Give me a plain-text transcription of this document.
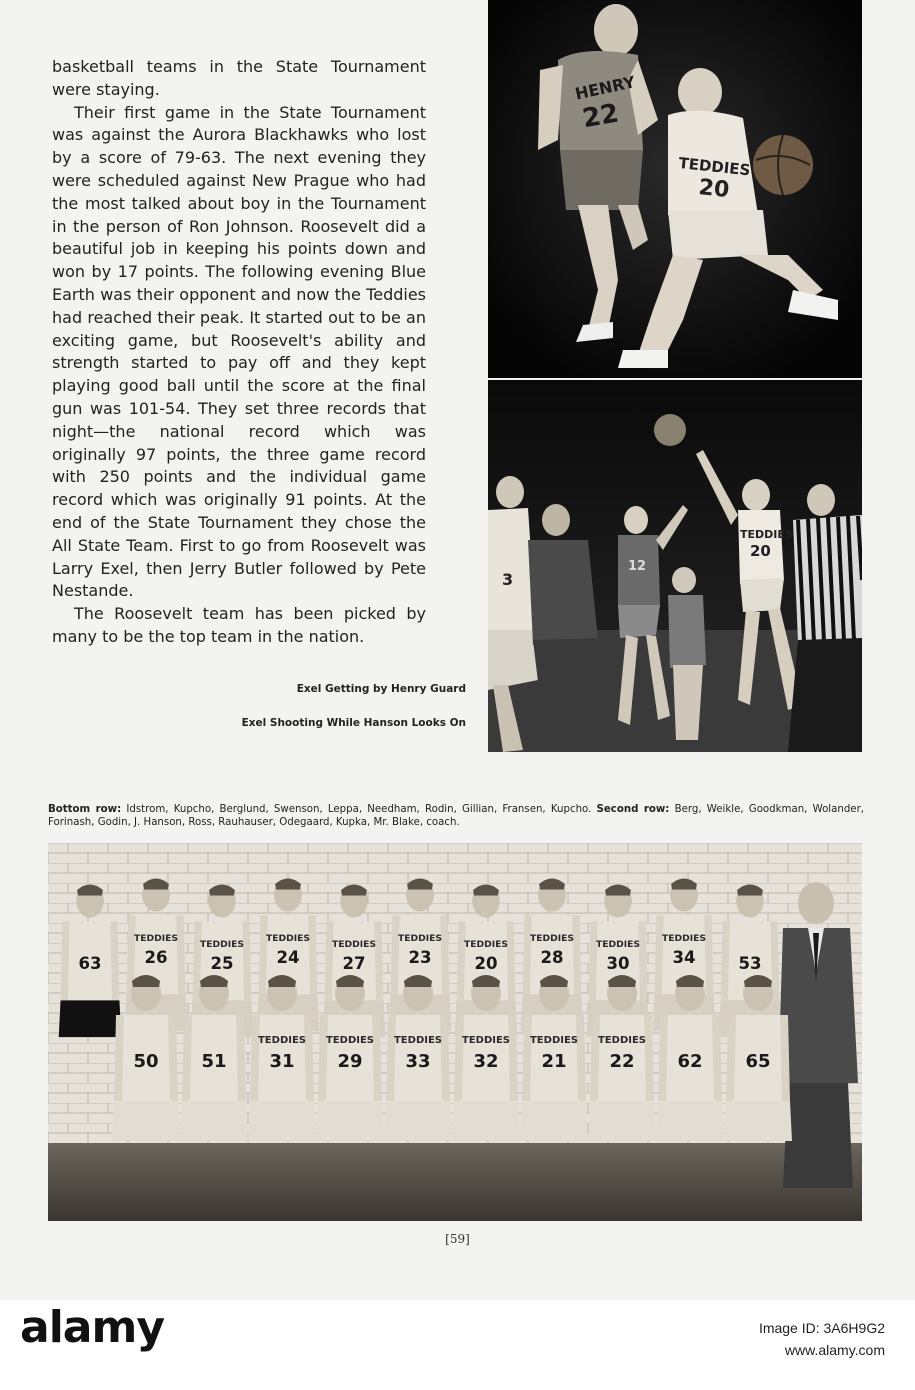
basketball teams in the State Tournament were staying.

Their first game in the State Tournament was against the Aurora Blackhawks who lost by a score of 79-63. The next evening they were scheduled against New Prague who had the most talked about boy in the Tournament in the person of Ron Johnson. Roosevelt did a beautiful job in keeping his points down and won by 17 points. The following evening Blue Earth was their opponent and now the Teddies had reached their peak. It started out to be an exciting game, but Roosevelt's ability and strength started to pay off and they kept playing good ball until the score at the final gun was 101-54. They set three records that night—the national record which was originally 97 points, the three game record with 250 points and the individual game record which was originally 91 points. At the end of the State Tournament they chose the All State Team. First to go from Roosevelt was Larry Exel, then Jerry Butler followed by Pete Nestande.

The Roosevelt team has been picked by many to be the top team in the nation.

HENRY
22
TEDDIES
20
3
TEDDIES
20
12
Exel Getting by Henry Guard
Exel Shooting While Hanson Looks On
Bottom row: Idstrom, Kupcho, Berglund, Swenson, Leppa, Needham, Rodin, Gillian, Fransen, Kupcho. Second row: Berg, Weikle, Goodkman, Wolander, Forinash, Godin, J. Hanson, Ross, Rauhauser, Odegaard, Kupka, Mr. Blake, coach.
63
TEDDIES
26
TEDDIES
25
TEDDIES
24
TEDDIES
27
TEDDIES
23
TEDDIES
20
TEDDIES
28
TEDDIES
30
TEDDIES
34	53
50 51
TEDDIES
31
TEDDIES
29
TEDDIES
33
TEDDIES
32
TEDDIES
21
TEDDIES
22 62 65
[59]
alamy	Image ID: 3A6H9G2
www.alamy.com
